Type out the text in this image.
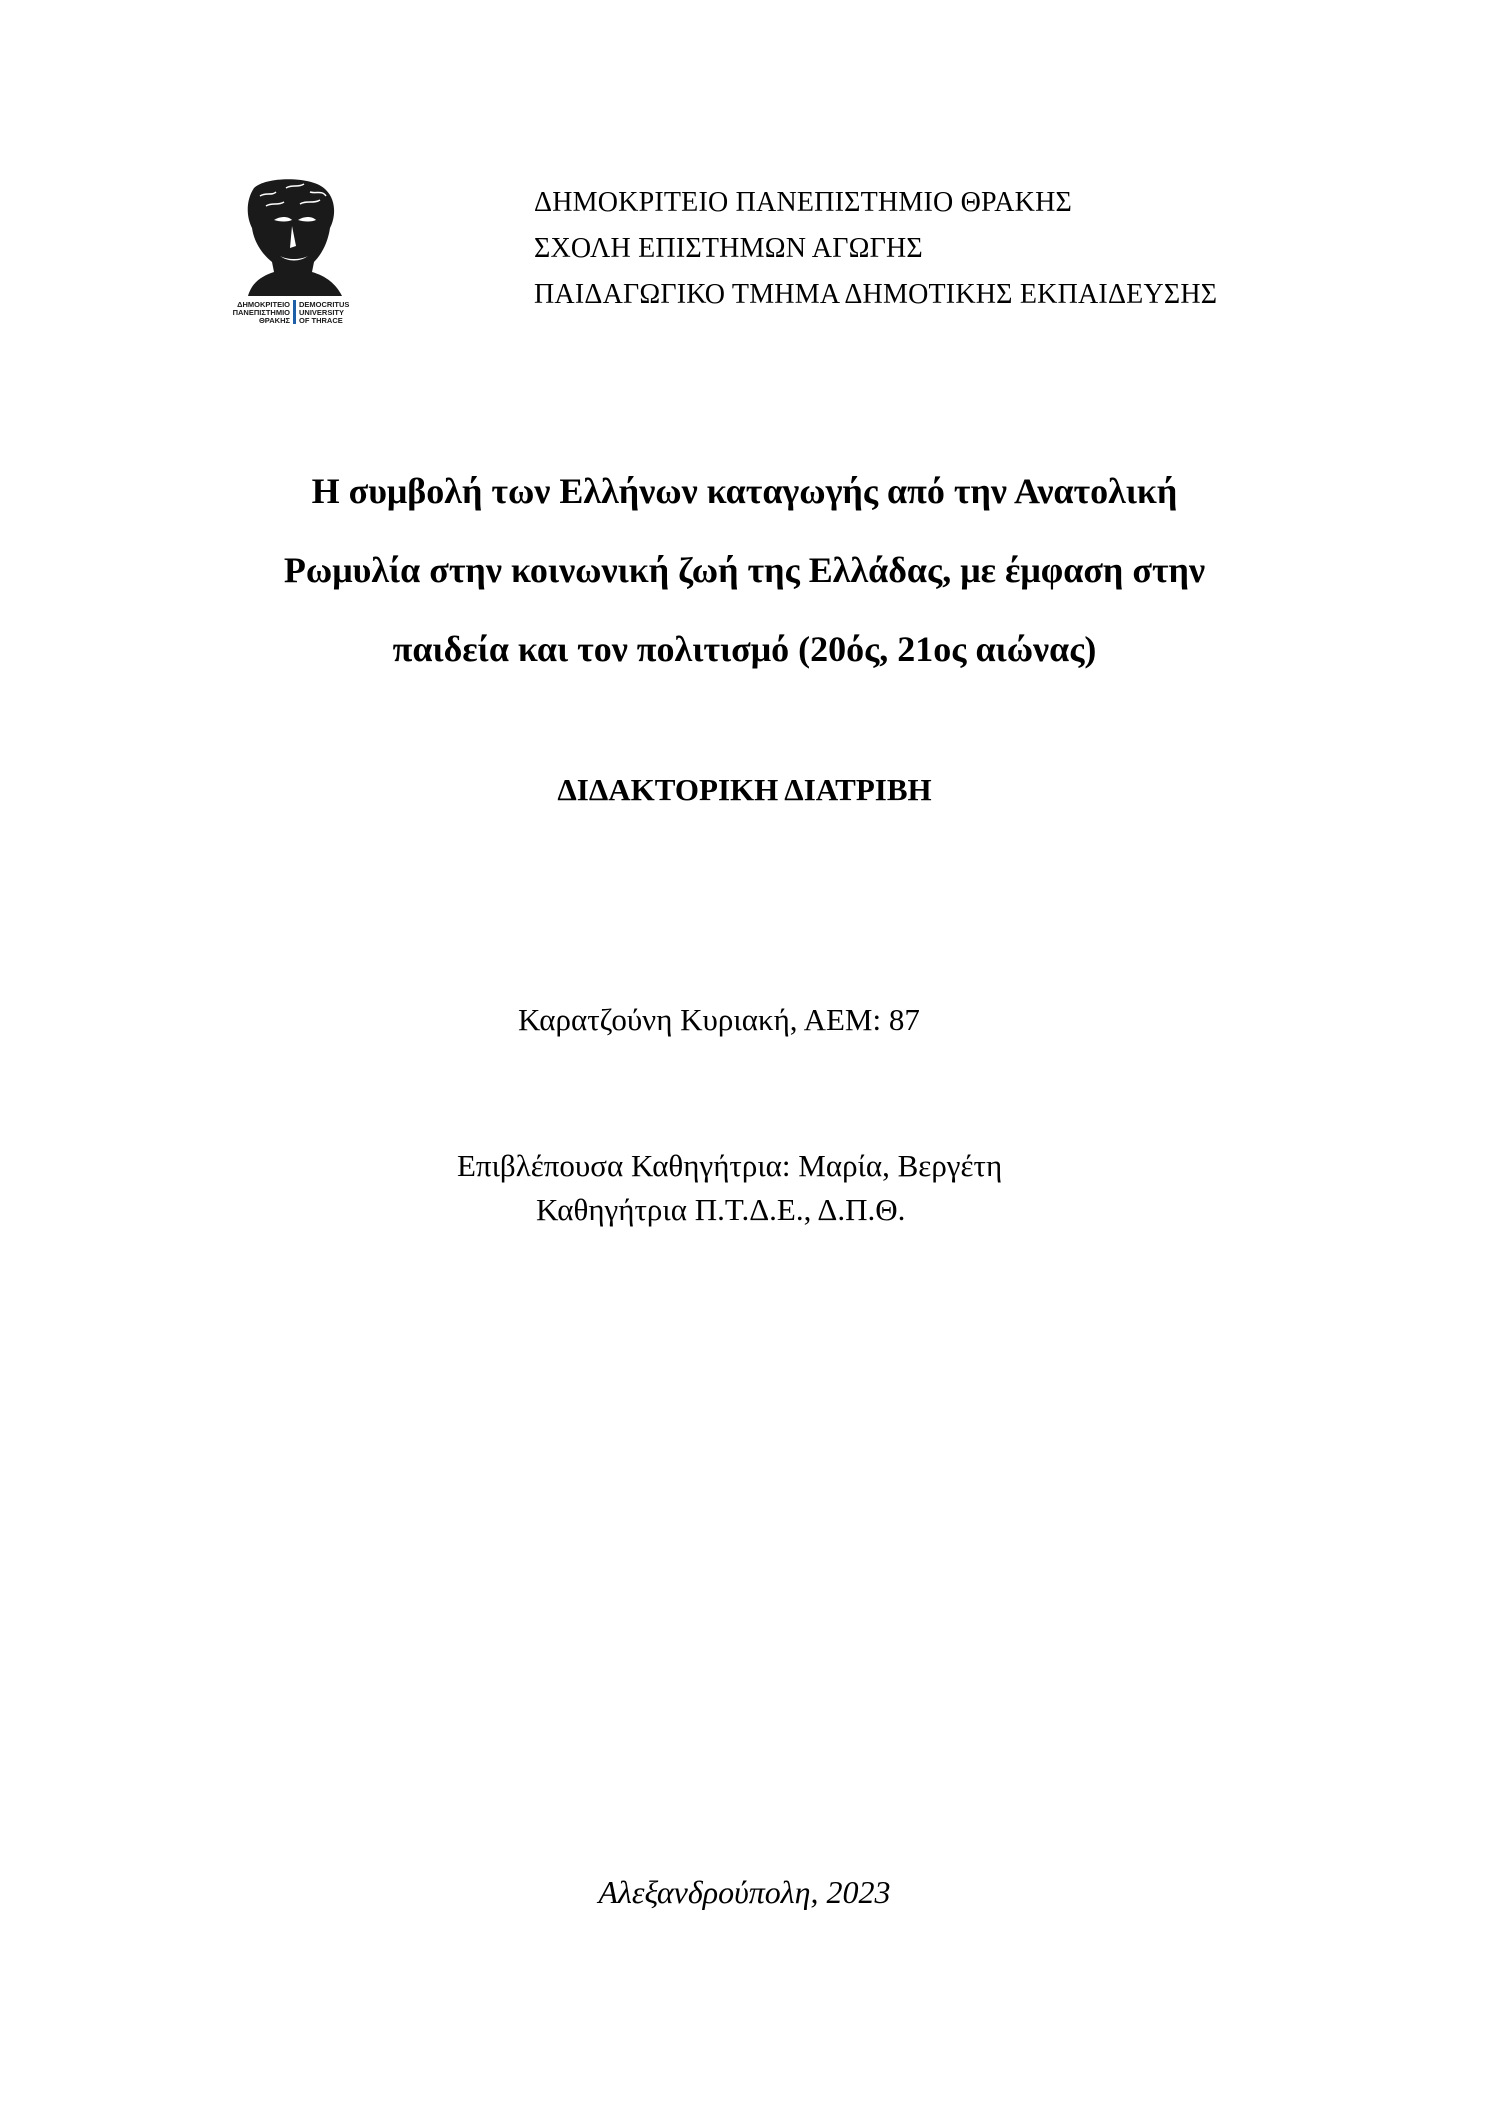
ΔΗΜΟΚΡΙΤΕΙΟ
ΠΑΝΕΠΙΣΤΗΜΙΟ
ΘΡΑΚΗΣ
DEMOCRITUS
UNIVERSITY
OF THRACE
ΔΗΜΟΚΡΙΤΕΙΟ ΠΑΝΕΠΙΣΤΗΜΙΟ ΘΡΑΚΗΣ
ΣΧΟΛΗ ΕΠΙΣΤΗΜΩΝ ΑΓΩΓΗΣ
ΠΑΙΔΑΓΩΓΙΚΟ ΤΜΗΜΑ ΔΗΜΟΤΙΚΗΣ ΕΚΠΑΙΔΕΥΣΗΣ
Η συμβολή των Ελλήνων καταγωγής από την Ανατολική
Ρωμυλία στην κοινωνική ζωή της Ελλάδας, με έμφαση στην
παιδεία και τον πολιτισμό (20ός, 21ος αιώνας)
ΔΙΔΑΚΤΟΡΙΚΗ ΔΙΑΤΡΙΒΗ
Καρατζούνη Κυριακή, ΑΕΜ: 87
Επιβλέπουσα Καθηγήτρια: Μαρία, Βεργέτη
Καθηγήτρια Π.Τ.Δ.Ε., Δ.Π.Θ.
Αλεξανδρούπολη, 2023
